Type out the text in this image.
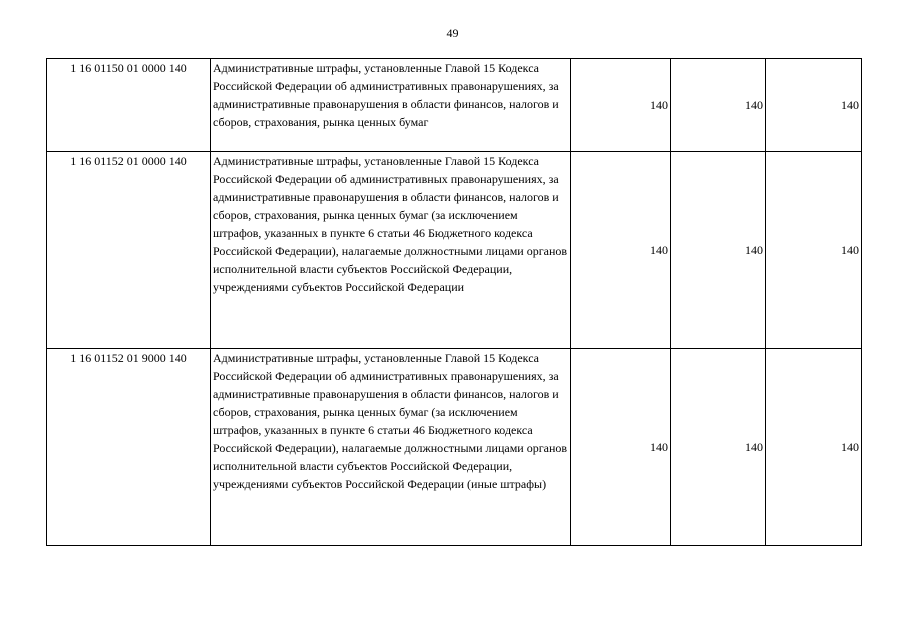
49
1 16 01150 01 0000 140	Административные штрафы, установленные Главой 15 Кодекса Российской Федерации об административных правонарушениях, за административные правонарушения в области финансов, налогов и сборов, страхования, рынка ценных бумаг	140	140	140
1 16 01152 01 0000 140	Административные штрафы, установленные Главой 15 Кодекса Российской Федерации об административных правонарушениях, за административные правонарушения в области финансов, налогов и сборов, страхования, рынка ценных бумаг (за исключением штрафов, указанных в пункте 6 статьи 46 Бюджетного кодекса Российской Федерации), налагаемые должностными лицами органов исполнительной власти субъектов Российской Федерации, учреждениями субъектов Российской Федерации	140	140	140
1 16 01152 01 9000 140	Административные штрафы, установленные Главой 15 Кодекса Российской Федерации об административных правонарушениях, за административные правонарушения в области финансов, налогов и сборов, страхования, рынка ценных бумаг (за исключением штрафов, указанных в пункте 6 статьи 46 Бюджетного кодекса Российской Федерации), налагаемые должностными лицами органов исполнительной власти субъектов Российской Федерации, учреждениями субъектов Российской Федерации (иные штрафы)	140	140	140
